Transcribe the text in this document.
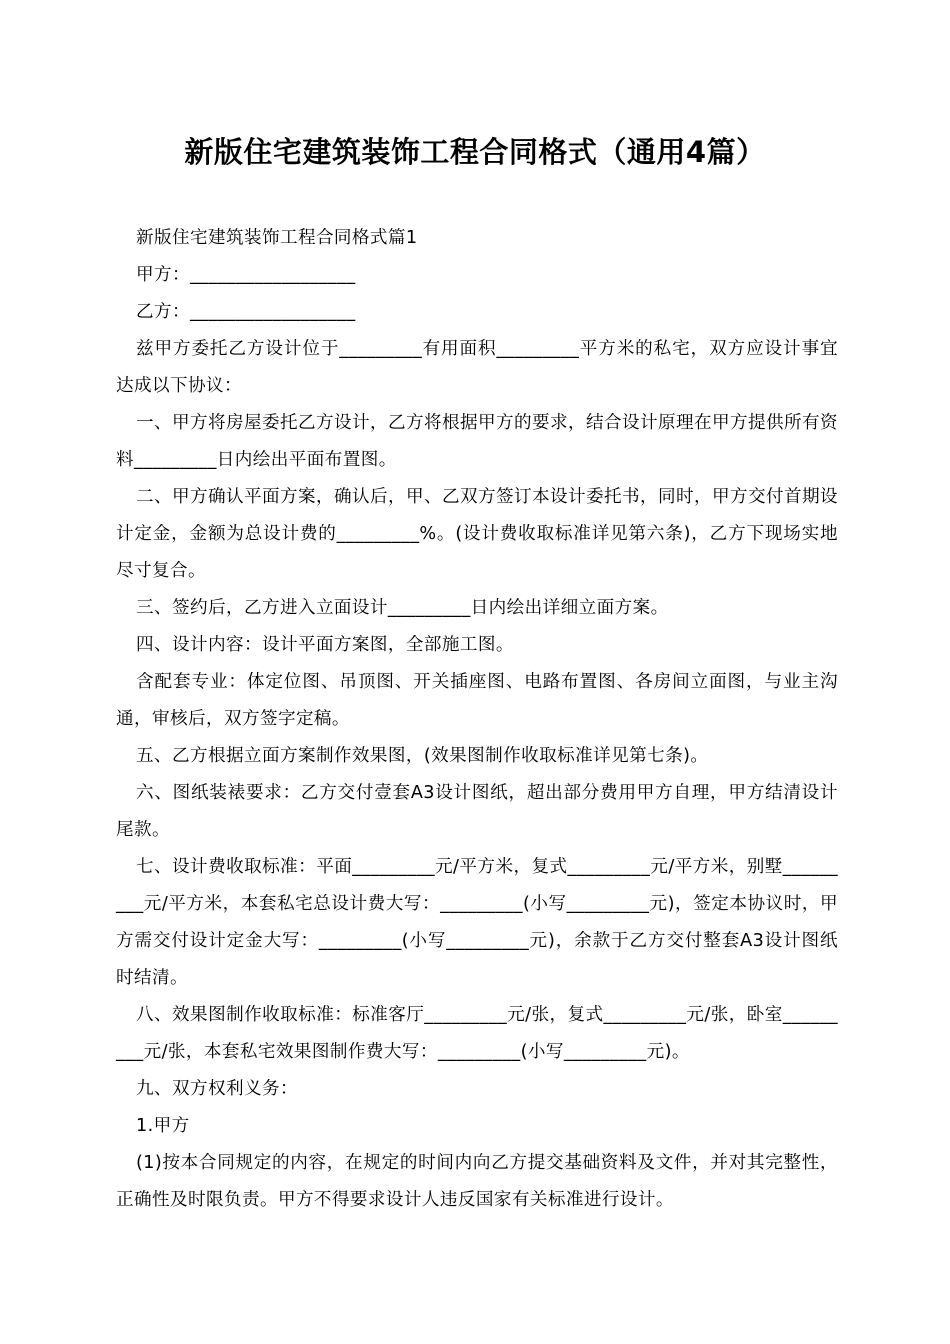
新版住宅建筑装饰工程合同格式（通用4篇）

新版住宅建筑装饰工程合同格式篇1

甲方：__________________

乙方：__________________

兹甲方委托乙方设计位于_________有用面积_________平方米的私宅，双方应设计事宜达成以下协议：

一、甲方将房屋委托乙方设计，乙方将根据甲方的要求，结合设计原理在甲方提供所有资料_________日内绘出平面布置图。

二、甲方确认平面方案，确认后，甲、乙双方签订本设计委托书，同时，甲方交付首期设计定金，金额为总设计费的_________%。(设计费收取标准详见第六条)，乙方下现场实地尽寸复合。

三、签约后，乙方进入立面设计_________日内绘出详细立面方案。

四、设计内容：设计平面方案图，全部施工图。

含配套专业：体定位图、吊顶图、开关插座图、电路布置图、各房间立面图，与业主沟通，审核后，双方签字定稿。

五、乙方根据立面方案制作效果图，(效果图制作收取标准详见第七条)。

六、图纸装裱要求：乙方交付壹套A3设计图纸，超出部分费用甲方自理，甲方结清设计尾款。

七、设计费收取标准：平面_________元/平方米，复式_________元/平方米，别墅_________元/平方米，本套私宅总设计费大写：_________(小写_________元)，签定本协议时，甲方需交付设计定金大写：_________(小写_________元)，余款于乙方交付整套A3设计图纸时结清。

八、效果图制作收取标准：标准客厅_________元/张，复式_________元/张，卧室_________元/张，本套私宅效果图制作费大写：_________(小写_________元)。

九、双方权利义务：

1.甲方

(1)按本合同规定的内容，在规定的时间内向乙方提交基础资料及文件，并对其完整性，正确性及时限负责。甲方不得要求设计人违反国家有关标准进行设计。
